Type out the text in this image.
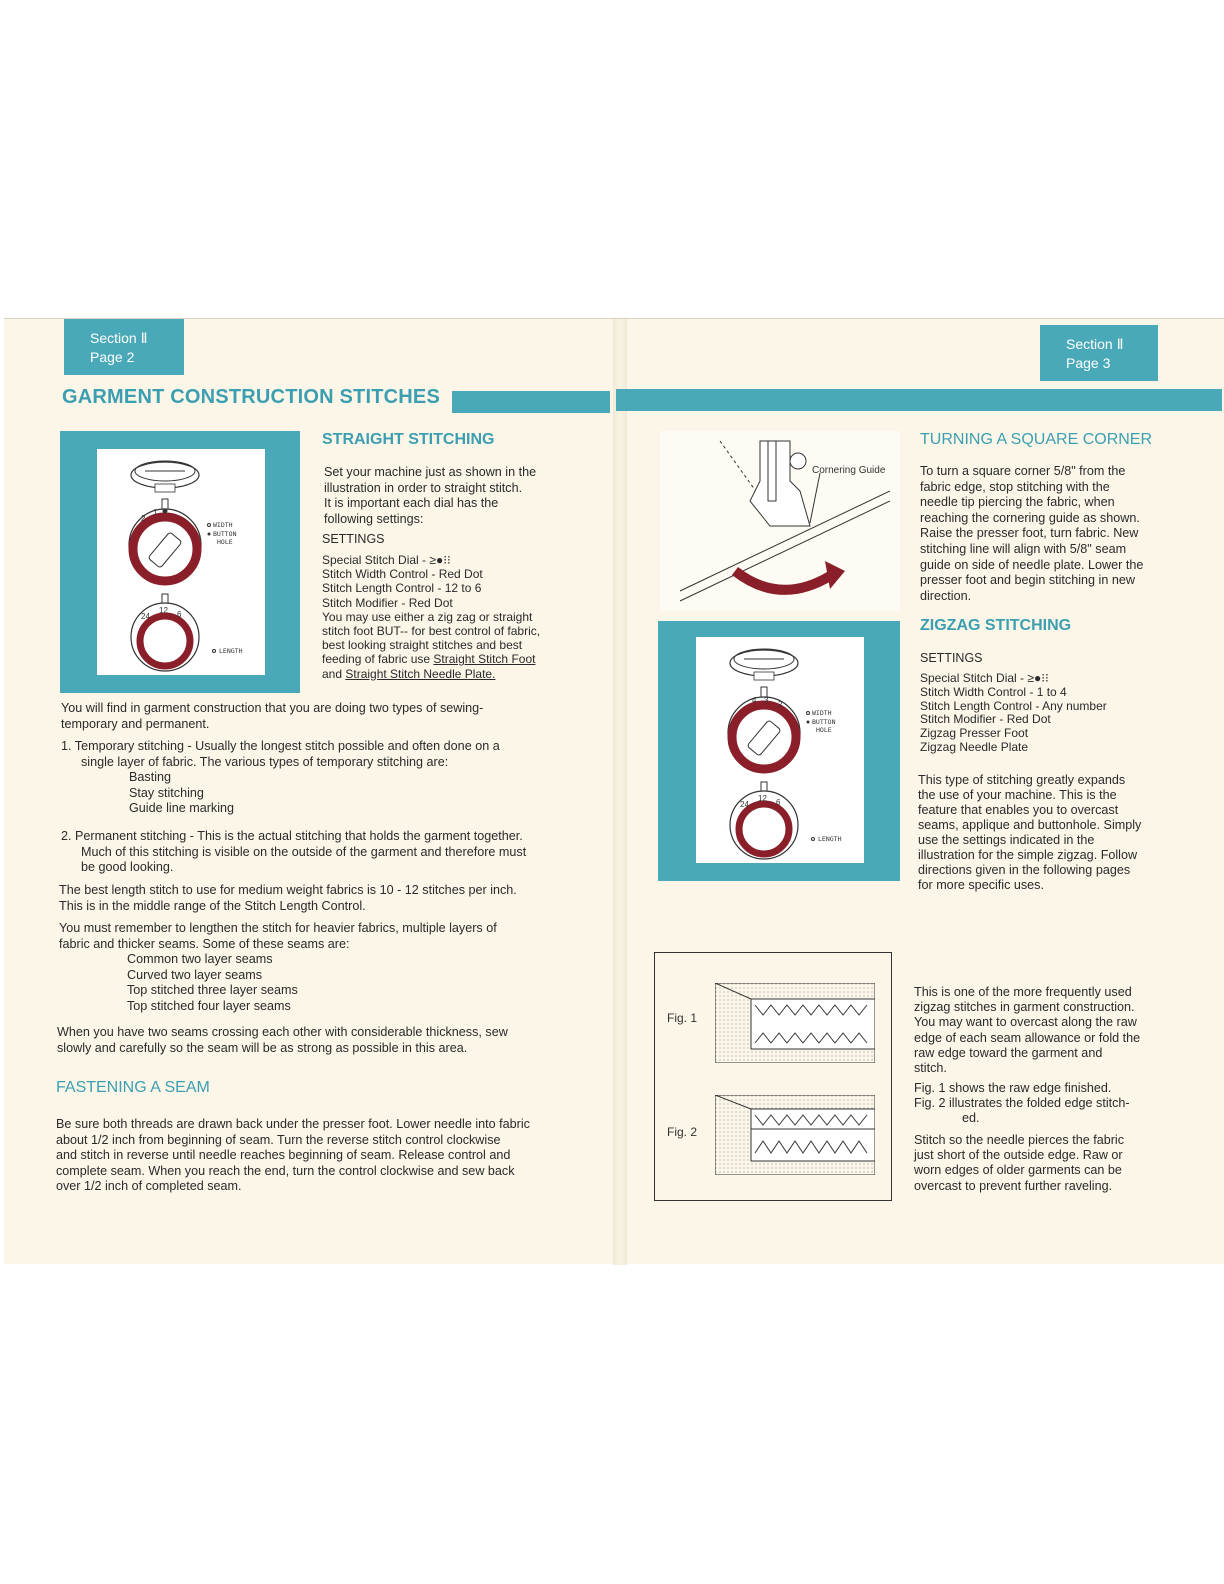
Section Ⅱ
Page 2
GARMENT CONSTRUCTION STITCHES
2
1
WIDTH
BUTTON
HOLE
24
12 6
LENGTH
STRAIGHT STITCHING
Set your machine just as shown in the
illustration in order to straight stitch.
It is important each dial has the
following settings:
SETTINGS
Special Stitch Dial - ≥●⁝⁝
Stitch Width Control - Red Dot
Stitch Length Control - 12 to 6
Stitch Modifier - Red Dot
You may use either a zig zag or straight
stitch foot BUT-- for best control of fabric,
best looking straight stitches and best
feeding of fabric use Straight Stitch Foot
and Straight Stitch Needle Plate.
You will find in garment construction that you are doing two types of sewing-
temporary and permanent.
1. Temporary stitching - Usually the longest stitch possible and often done on a
single layer of fabric. The various types of temporary stitching are:
Basting
Stay stitching
Guide line marking
2. Permanent stitching - This is the actual stitching that holds the garment together.
Much of this stitching is visible on the outside of the garment and therefore must
be good looking.
The best length stitch to use for medium weight fabrics is 10 - 12 stitches per inch.
This is in the middle range of the Stitch Length Control.
You must remember to lengthen the stitch for heavier fabrics, multiple layers of
fabric and thicker seams. Some of these seams are:
Common two layer seams
Curved two layer seams
Top stitched three layer seams
Top stitched four layer seams
When you have two seams crossing each other with considerable thickness, sew
slowly and carefully so the seam will be as strong as possible in this area.
FASTENING A SEAM
Be sure both threads are drawn back under the presser foot. Lower needle into fabric
about 1/2 inch from beginning of seam. Turn the reverse stitch control clockwise
and stitch in reverse until needle reaches beginning of seam. Release control and
complete seam. When you reach the end, turn the control clockwise and sew back
over 1/2 inch of completed seam.
Section Ⅱ
Page 3
Cornering Guide
TURNING A SQUARE CORNER
To turn a square corner 5/8" from the
fabric edge, stop stitching with the
needle tip piercing the fabric, when
reaching the cornering guide as shown.
Raise the presser foot, turn fabric. New
stitching line will align with 5/8" seam
guide on side of needle plate. Lower the
presser foot and begin stitching in new
direction.
4 3 2
WIDTH
BUTTON
HOLE
24
12 6
LENGTH
ZIGZAG STITCHING
SETTINGS
Special Stitch Dial - ≥●⁝⁝
Stitch Width Control - 1 to 4
Stitch Length Control - Any number
Stitch Modifier - Red Dot
Zigzag Presser Foot
Zigzag Needle Plate
This type of stitching greatly expands
the use of your machine. This is the
feature that enables you to overcast
seams, applique and buttonhole. Simply
use the settings indicated in the
illustration for the simple zigzag. Follow
directions given in the following pages
for more specific uses.
Fig. 1
Fig. 2
This is one of the more frequently used
zigzag stitches in garment construction.
You may want to overcast along the raw
edge of each seam allowance or fold the
raw edge toward the garment and
stitch.
Fig. 1 shows the raw edge finished.
Fig. 2 illustrates the folded edge stitch-
ed.
Stitch so the needle pierces the fabric
just short of the outside edge. Raw or
worn edges of older garments can be
overcast to prevent further raveling.
